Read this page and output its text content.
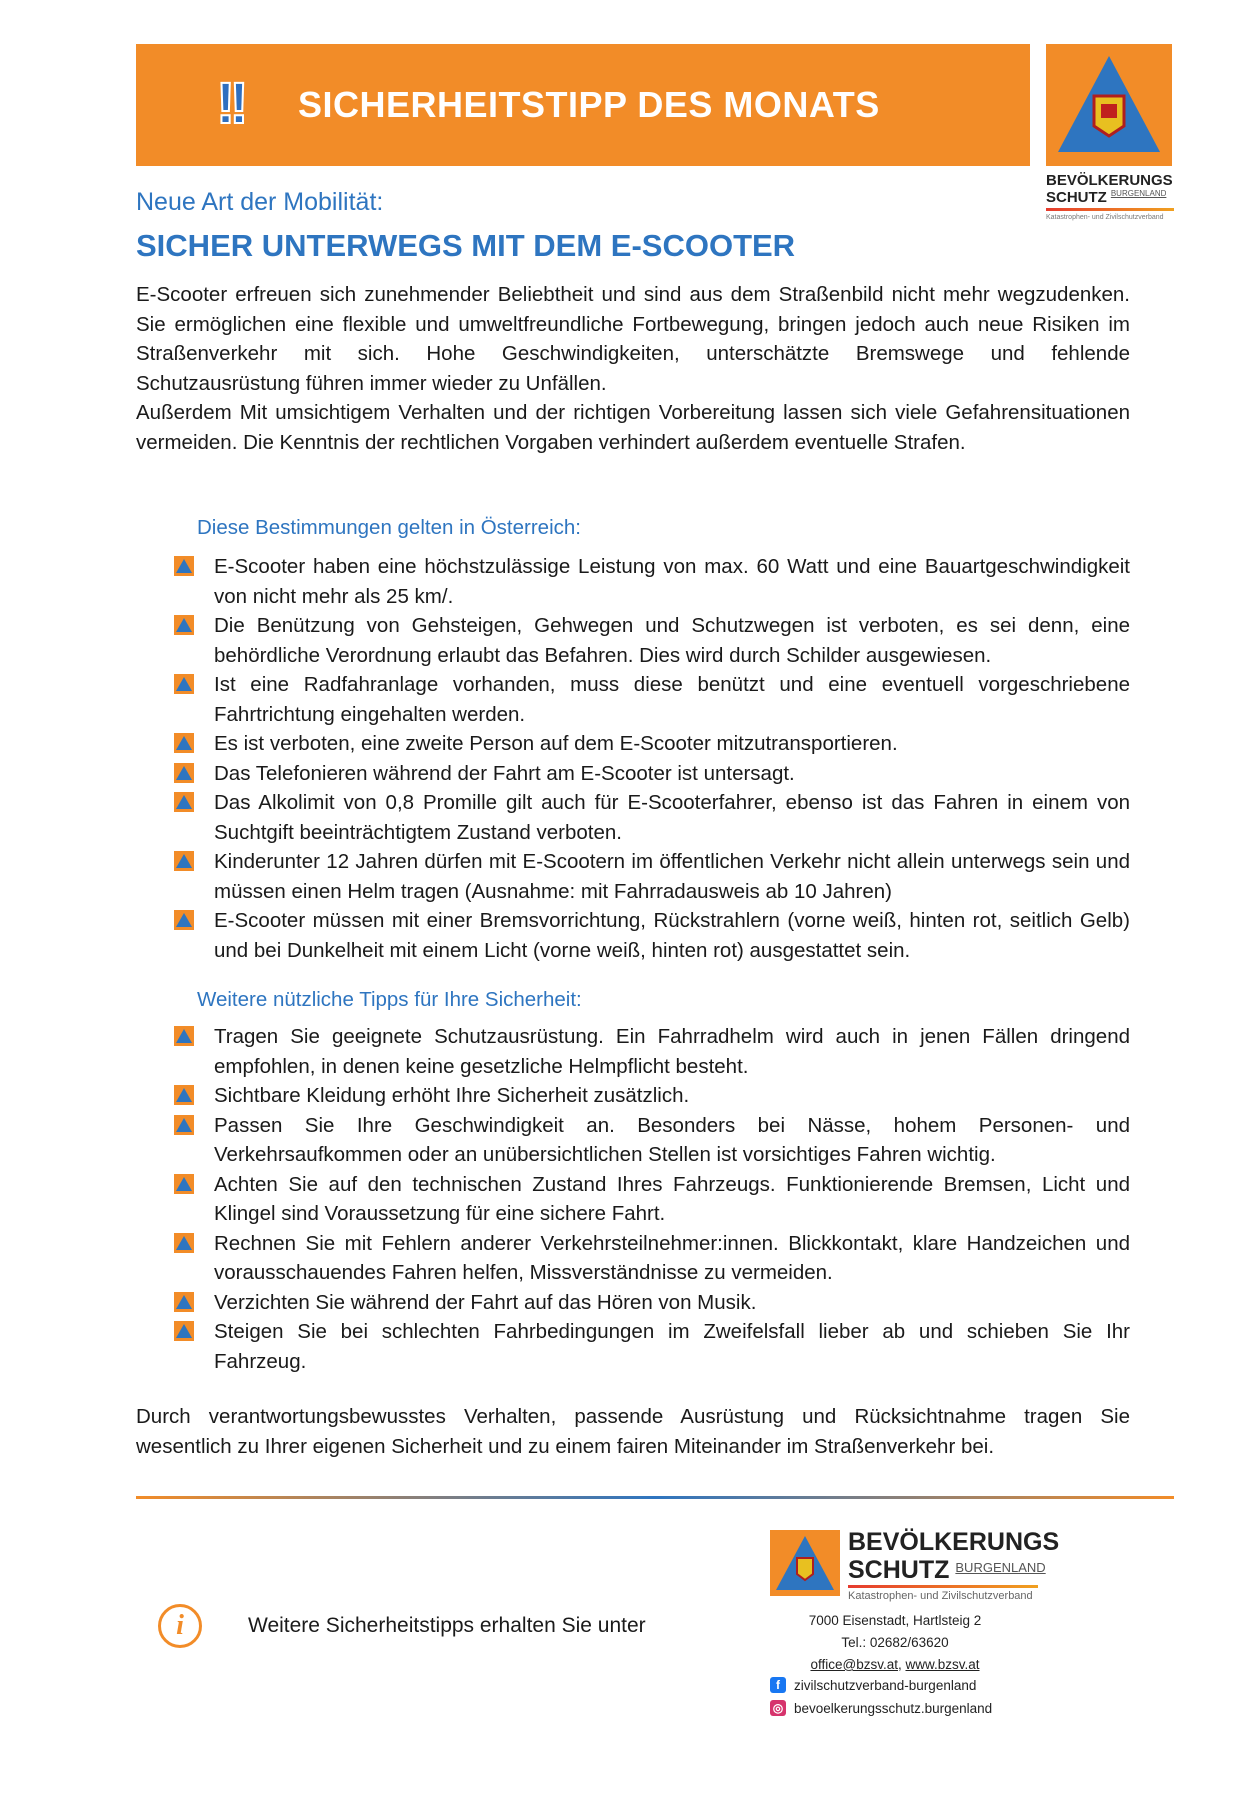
!! SICHERHEITSTIPP DES MONATS
BEVÖLKERUNGS
SCHUTZ BURGENLAND
Katastrophen- und Zivilschutzverband
Neue Art der Mobilität:
SICHER UNTERWEGS MIT DEM E-SCOOTER
E-Scooter erfreuen sich zunehmender Beliebtheit und sind aus dem Straßenbild nicht mehr wegzudenken. Sie ermöglichen eine flexible und umweltfreundliche Fortbewegung, bringen jedoch auch neue Risiken im Straßenverkehr mit sich. Hohe Geschwindigkeiten, unterschätzte Bremswege und fehlende Schutzausrüstung führen immer wieder zu Unfällen.
Außerdem Mit umsichtigem Verhalten und der richtigen Vorbereitung lassen sich viele Gefahrensituationen vermeiden. Die Kenntnis der rechtlichen Vorgaben verhindert außerdem eventuelle Strafen.
Diese Bestimmungen gelten in Österreich:
E-Scooter haben eine höchstzulässige Leistung von max. 60 Watt und eine Bauartgeschwindigkeit von nicht mehr als 25 km/.
Die Benützung von Gehsteigen, Gehwegen und Schutzwegen ist verboten, es sei denn, eine behördliche Verordnung erlaubt das Befahren. Dies wird durch Schilder ausgewiesen.
Ist eine Radfahranlage vorhanden, muss diese benützt und eine eventuell vorgeschriebene Fahrtrichtung eingehalten werden.
Es ist verboten, eine zweite Person auf dem E-Scooter mitzutransportieren.
Das Telefonieren während der Fahrt am E-Scooter ist untersagt.
Das Alkolimit von 0,8 Promille gilt auch für E-Scooterfahrer, ebenso ist das Fahren in einem von Suchtgift beeinträchtigtem Zustand verboten.
Kinderunter 12 Jahren dürfen mit E-Scootern im öffentlichen Verkehr nicht allein unterwegs sein und müssen einen Helm tragen (Ausnahme: mit Fahrradausweis ab 10 Jahren)
E-Scooter müssen mit einer Bremsvorrichtung, Rückstrahlern (vorne weiß, hinten rot, seitlich Gelb) und bei Dunkelheit mit einem Licht (vorne weiß, hinten rot) ausgestattet sein.
Weitere nützliche Tipps für Ihre Sicherheit:
Tragen Sie geeignete Schutzausrüstung. Ein Fahrradhelm wird auch in jenen Fällen dringend empfohlen, in denen keine gesetzliche Helmpflicht besteht.
Sichtbare Kleidung erhöht Ihre Sicherheit zusätzlich.
Passen Sie Ihre Geschwindigkeit an. Besonders bei Nässe, hohem Personen- und Verkehrsaufkommen oder an unübersichtlichen Stellen ist vorsichtiges Fahren wichtig.
Achten Sie auf den technischen Zustand Ihres Fahrzeugs. Funktionierende Bremsen, Licht und Klingel sind Voraussetzung für eine sichere Fahrt.
Rechnen Sie mit Fehlern anderer Verkehrsteilnehmer:innen. Blickkontakt, klare Handzeichen und vorausschauendes Fahren helfen, Missverständnisse zu vermeiden.
Verzichten Sie während der Fahrt auf das Hören von Musik.
Steigen Sie bei schlechten Fahrbedingungen im Zweifelsfall lieber ab und schieben Sie Ihr Fahrzeug.
Durch verantwortungsbewusstes Verhalten, passende Ausrüstung und Rücksichtnahme tragen Sie wesentlich zu Ihrer eigenen Sicherheit und zu einem fairen Miteinander im Straßenverkehr bei.
i	Weitere Sicherheitstipps erhalten Sie unter
BEVÖLKERUNGS
SCHUTZ BURGENLAND
Katastrophen- und Zivilschutzverband
7000 Eisenstadt, Hartlsteig 2
Tel.: 02682/63620
office@bzsv.at, www.bzsv.at
f	zivilschutzverband-burgenland
◎ bevoelkerungsschutz.burgenland
